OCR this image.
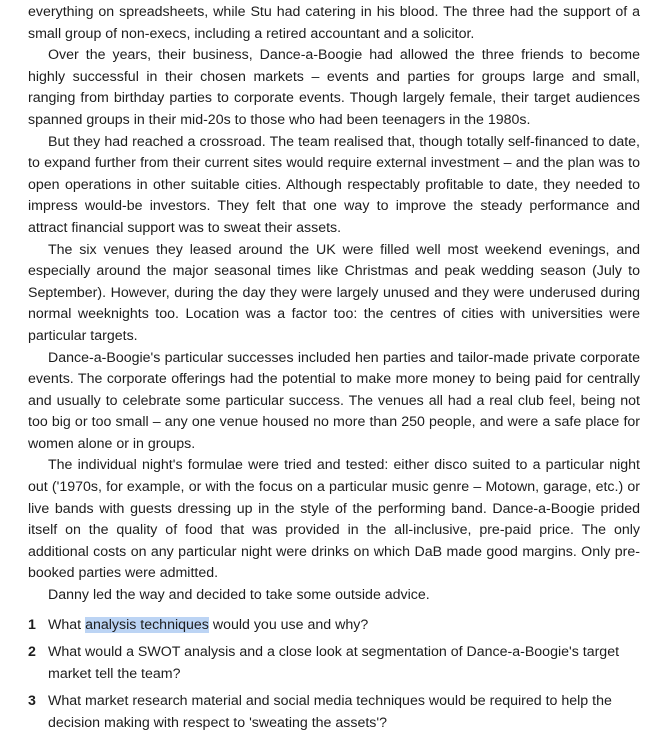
everything on spreadsheets, while Stu had catering in his blood. The three had the support of a small group of non-execs, including a retired accountant and a solicitor.

Over the years, their business, Dance-a-Boogie had allowed the three friends to become highly successful in their chosen markets – events and parties for groups large and small, ranging from birthday parties to corporate events. Though largely female, their target audiences spanned groups in their mid-20s to those who had been teenagers in the 1980s.

But they had reached a crossroad. The team realised that, though totally self-financed to date, to expand further from their current sites would require external investment – and the plan was to open operations in other suitable cities. Although respectably profitable to date, they needed to impress would-be investors. They felt that one way to improve the steady performance and attract financial support was to sweat their assets.

The six venues they leased around the UK were filled well most weekend evenings, and especially around the major seasonal times like Christmas and peak wedding season (July to September). However, during the day they were largely unused and they were underused during normal weeknights too. Location was a factor too: the centres of cities with universities were particular targets.

Dance-a-Boogie's particular successes included hen parties and tailor-made private corporate events. The corporate offerings had the potential to make more money to being paid for centrally and usually to celebrate some particular success. The venues all had a real club feel, being not too big or too small – any one venue housed no more than 250 people, and were a safe place for women alone or in groups.

The individual night's formulae were tried and tested: either disco suited to a particular night out ('1970s, for example, or with the focus on a particular music genre – Motown, garage, etc.) or live bands with guests dressing up in the style of the performing band. Dance-a-Boogie prided itself on the quality of food that was provided in the all-inclusive, pre-paid price. The only additional costs on any particular night were drinks on which DaB made good margins. Only pre-booked parties were admitted.

Danny led the way and decided to take some outside advice.

1 What analysis techniques would you use and why?
2 What would a SWOT analysis and a close look at segmentation of Dance-a-Boogie's target market tell the team?
3 What market research material and social media techniques would be required to help the decision making with respect to 'sweating the assets'?
